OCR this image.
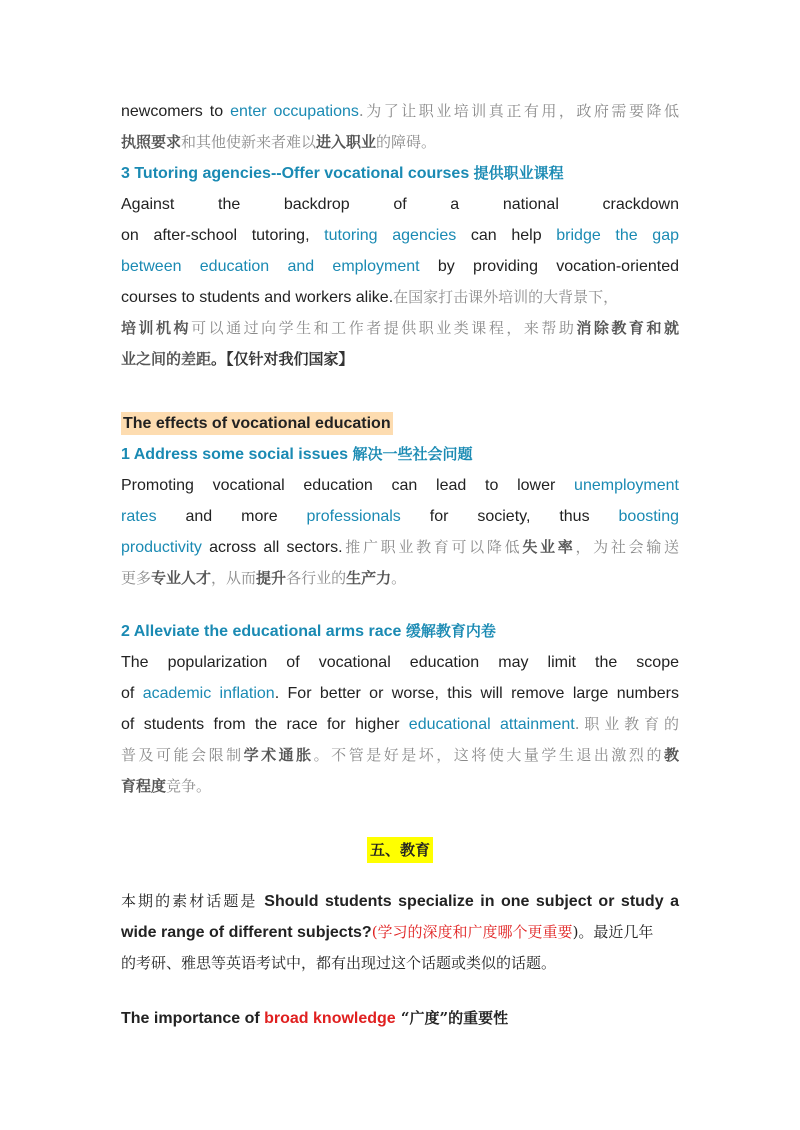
newcomers to enter occupations.为了让职业培训真正有用，政府需要降低

执照要求和其他使新来者难以进入职业的障碍。

3 Tutoring agencies--Offer vocational courses 提供职业课程

Against the backdrop of a national crackdown

on after-school tutoring, tutoring agencies can help bridge the gap

between education and employment by providing vocation-oriented

courses to students and workers alike.在国家打击课外培训的大背景下，

培训机构可以通过向学生和工作者提供职业类课程，来帮助消除教育和就

业之间的差距。【仅针对我们国家】

The effects of vocational education

1 Address some social issues 解决一些社会问题

Promoting vocational education can lead to lower unemployment

rates and more professionals for society, thus boosting

productivity across all sectors.推广职业教育可以降低失业率，为社会输送

更多专业人才，从而提升各行业的生产力。

2 Alleviate the educational arms race 缓解教育内卷

The popularization of vocational education may limit the scope

of academic inflation. For better or worse, this will remove large numbers

of students from the race for higher educational attainment.职业教育的

普及可能会限制学术通胀。不管是好是坏，这将使大量学生退出激烈的教

育程度竞争。

五、教育

本期的素材话题是 Should students specialize in one subject or study a

wide range of different subjects?(学习的深度和广度哪个更重要)。最近几年

的考研、雅思等英语考试中，都有出现过这个话题或类似的话题。

The importance of broad knowledge “广度”的重要性
